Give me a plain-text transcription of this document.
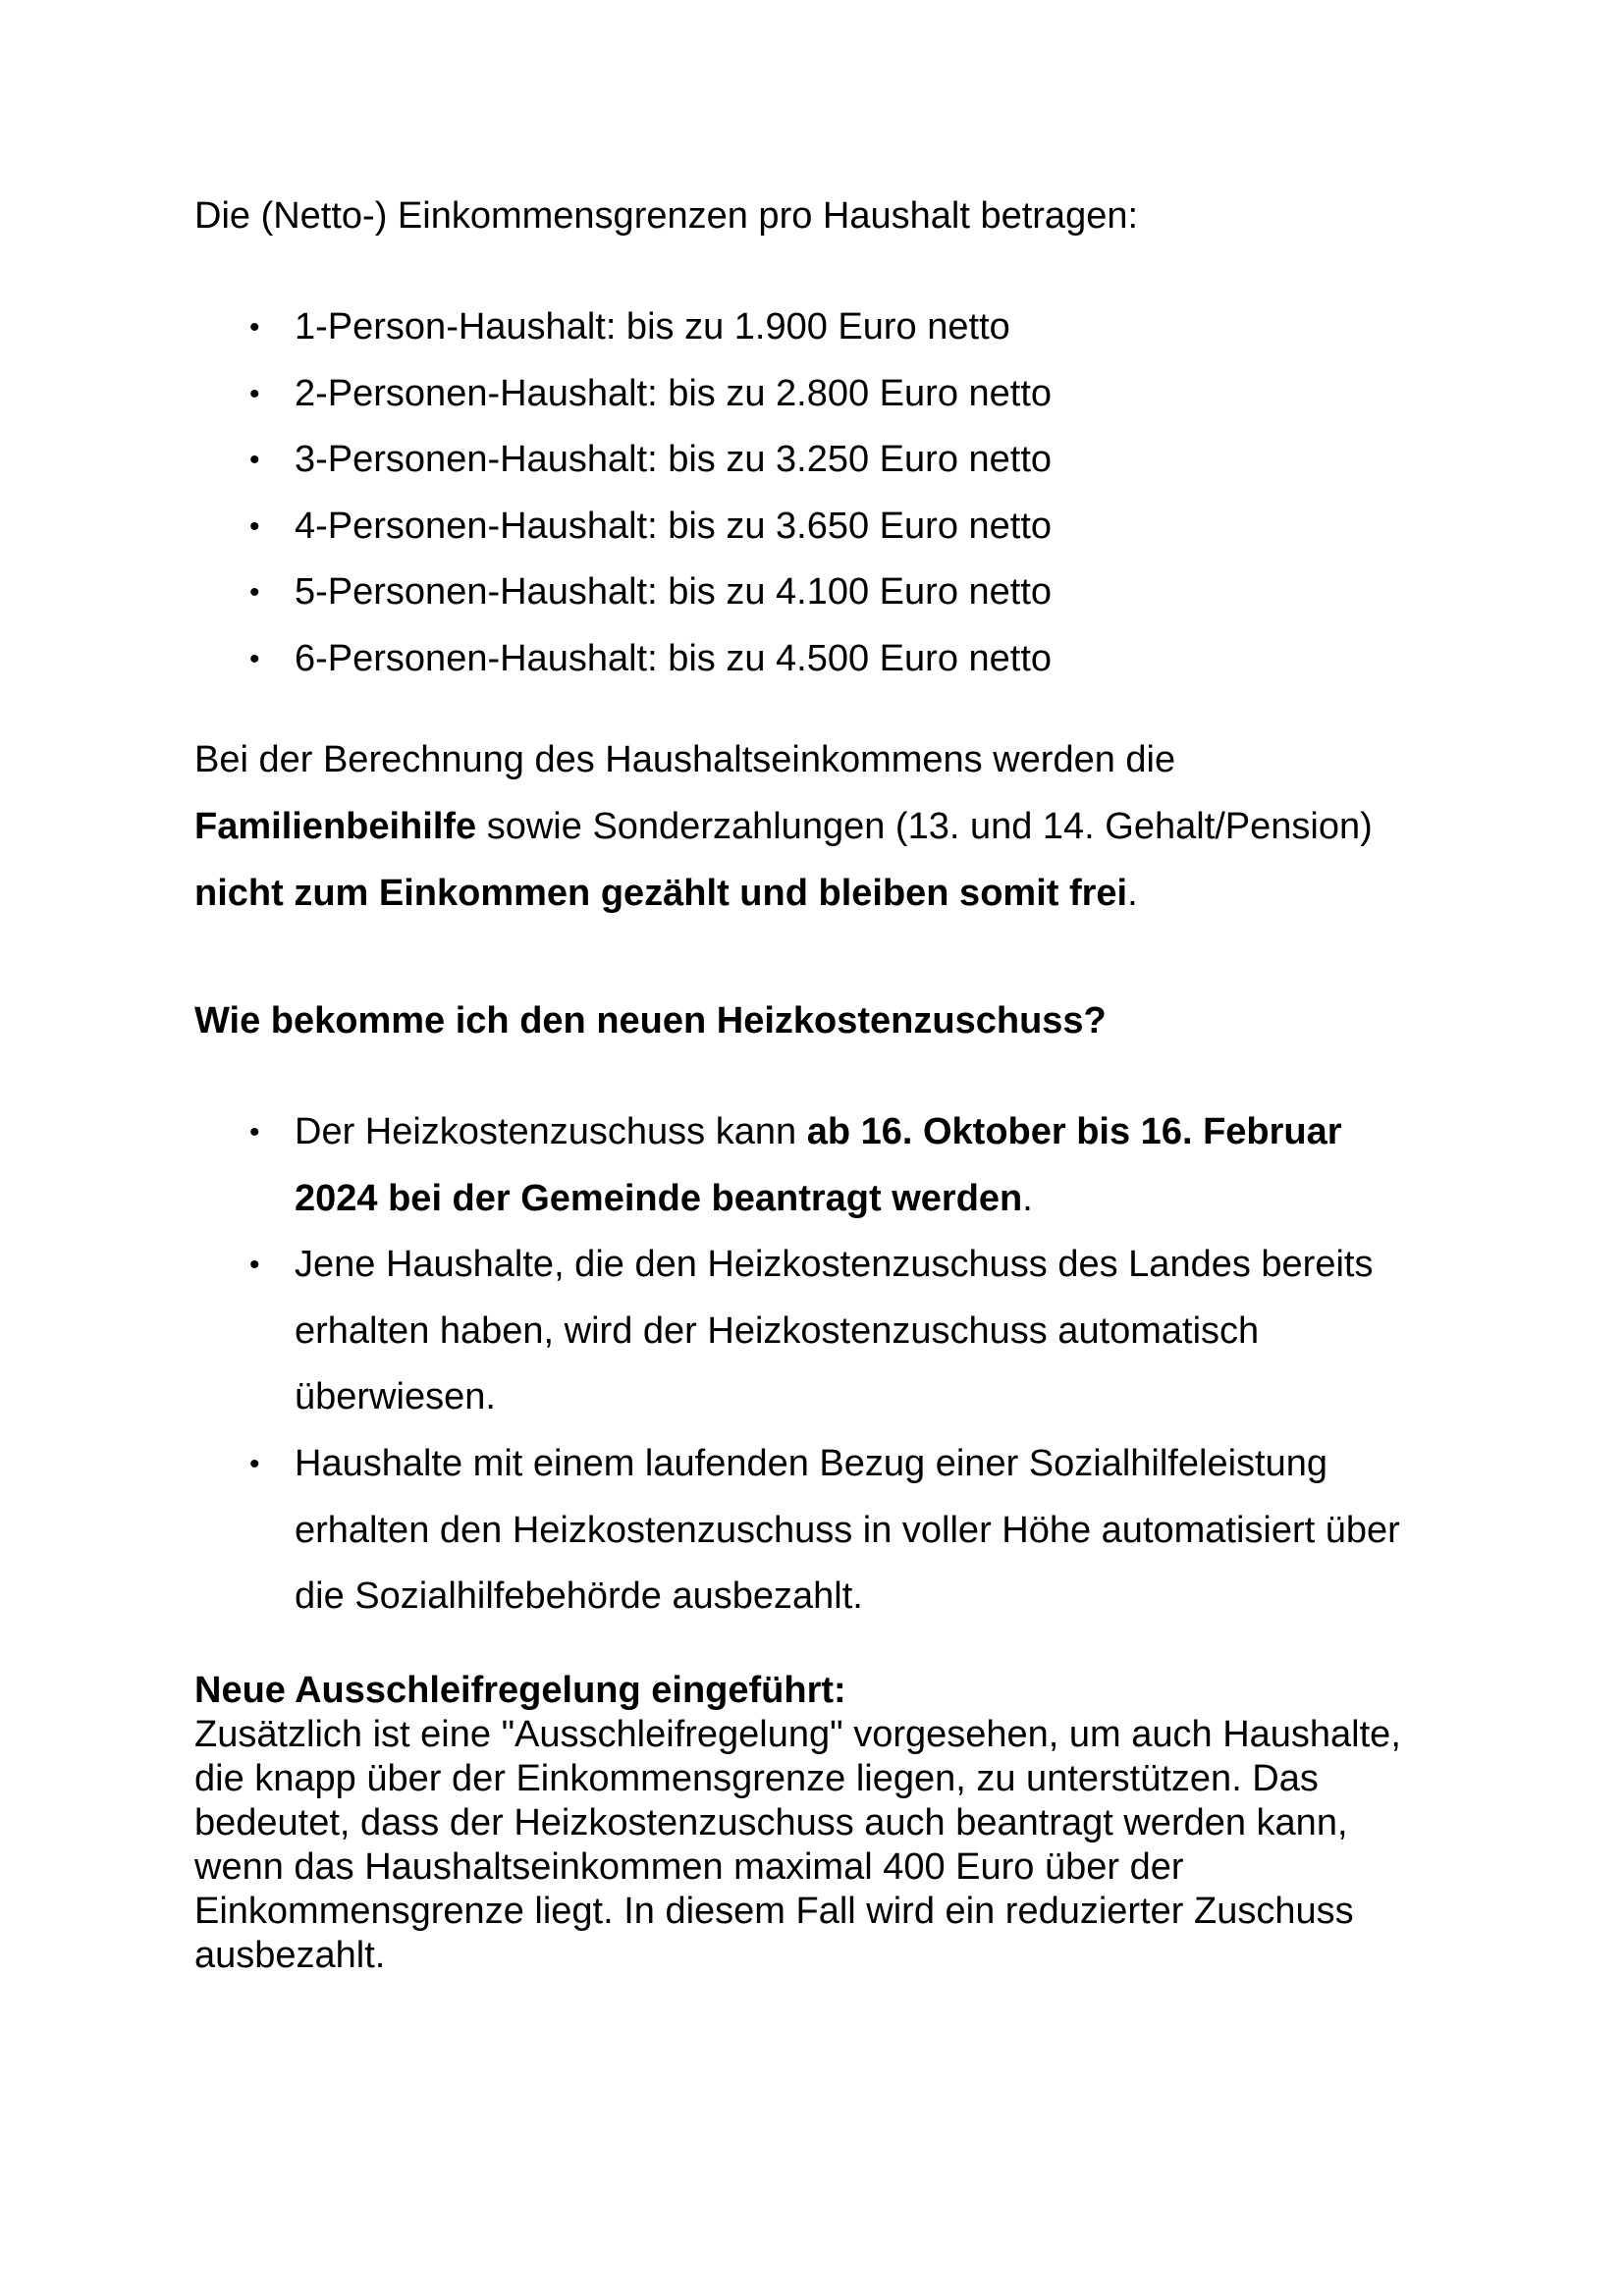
Die (Netto-) Einkommensgrenzen pro Haushalt betragen:

• 1-Person-Haushalt: bis zu 1.900 Euro netto
• 2-Personen-Haushalt: bis zu 2.800 Euro netto
• 3-Personen-Haushalt: bis zu 3.250 Euro netto
• 4-Personen-Haushalt: bis zu 3.650 Euro netto
• 5-Personen-Haushalt: bis zu 4.100 Euro netto
• 6-Personen-Haushalt: bis zu 4.500 Euro netto

Bei der Berechnung des Haushaltseinkommens werden die
Familienbeihilfe sowie Sonderzahlungen (13. und 14. Gehalt/Pension)
nicht zum Einkommen gezählt und bleiben somit frei.

Wie bekomme ich den neuen Heizkostenzuschuss?
• Der Heizkostenzuschuss kann ab 16. Oktober bis 16. Februar
2024 bei der Gemeinde beantragt werden.
• Jene Haushalte, die den Heizkostenzuschuss des Landes bereits
erhalten haben, wird der Heizkostenzuschuss automatisch
überwiesen.
• Haushalte mit einem laufenden Bezug einer Sozialhilfeleistung
erhalten den Heizkostenzuschuss in voller Höhe automatisiert über
die Sozialhilfebehörde ausbezahlt.
Neue Ausschleifregelung eingeführt:
Zusätzlich ist eine "Ausschleifregelung" vorgesehen, um auch Haushalte,
die knapp über der Einkommensgrenze liegen, zu unterstützen. Das
bedeutet, dass der Heizkostenzuschuss auch beantragt werden kann,
wenn das Haushaltseinkommen maximal 400 Euro über der
Einkommensgrenze liegt. In diesem Fall wird ein reduzierter Zuschuss
ausbezahlt.
